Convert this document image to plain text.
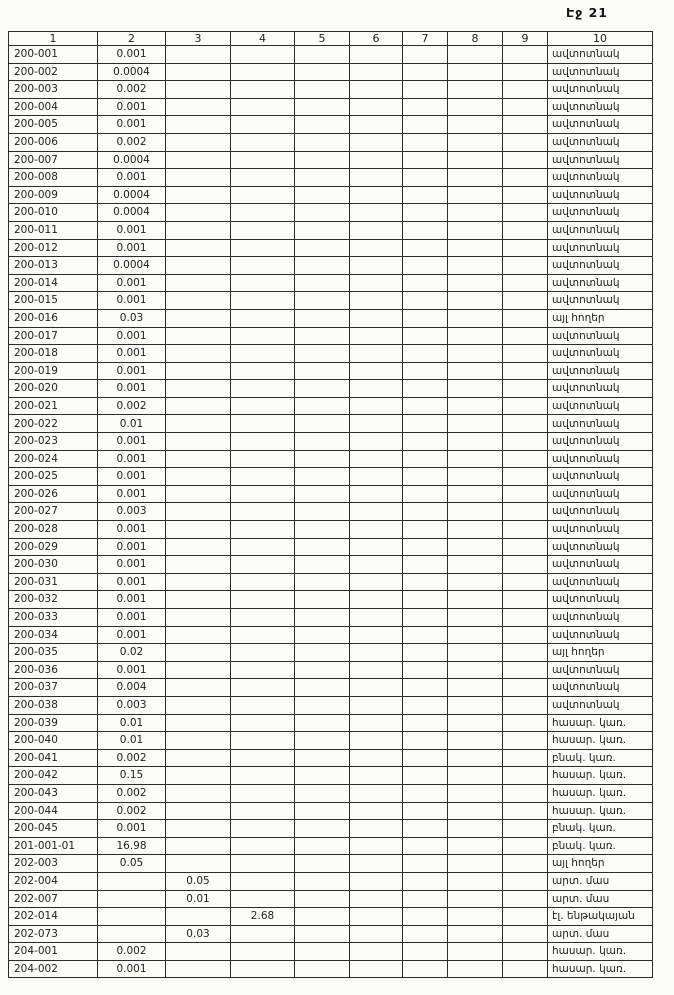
Էջ 21
1	2	3	4	5	6	7	8	9	10
200-001	0.001								ավտոտնակ
200-002	0.0004								ավտոտնակ
200-003	0.002								ավտոտնակ
200-004	0.001								ավտոտնակ
200-005	0.001								ավտոտնակ
200-006	0.002								ավտոտնակ
200-007	0.0004								ավտոտնակ
200-008	0.001								ավտոտնակ
200-009	0.0004								ավտոտնակ
200-010	0.0004								ավտոտնակ
200-011	0.001								ավտոտնակ
200-012	0.001								ավտոտնակ
200-013	0.0004								ավտոտնակ
200-014	0.001								ավտոտնակ
200-015	0.001								ավտոտնակ
200-016	0.03								այլ հողեր
200-017	0.001								ավտոտնակ
200-018	0.001								ավտոտնակ
200-019	0.001								ավտոտնակ
200-020	0.001								ավտոտնակ
200-021	0.002								ավտոտնակ
200-022	0.01								ավտոտնակ
200-023	0.001								ավտոտնակ
200-024	0.001								ավտոտնակ
200-025	0.001								ավտոտնակ
200-026	0.001								ավտոտնակ
200-027	0.003								ավտոտնակ
200-028	0.001								ավտոտնակ
200-029	0.001								ավտոտնակ
200-030	0.001								ավտոտնակ
200-031	0.001								ավտոտնակ
200-032	0.001								ավտոտնակ
200-033	0.001								ավտոտնակ
200-034	0.001								ավտոտնակ
200-035	0.02								այլ հողեր
200-036	0.001								ավտոտնակ
200-037	0.004								ավտոտնակ
200-038	0.003								ավտոտնակ
200-039	0.01								հասար. կառ.
200-040	0.01								հասար. կառ.
200-041	0.002								բնակ. կառ.
200-042	0.15								հասար. կառ.
200-043	0.002								հասար. կառ.
200-044	0.002								հասար. կառ.
200-045	0.001								բնակ. կառ.
201-001-01	16.98								բնակ. կառ.
202-003	0.05								այլ հողեր
202-004		0.05							արտ. մաս
202-007		0.01							արտ. մաս
202-014			2.68						էլ. ենթակայան
202-073		0.03							արտ. մաս
204-001	0.002								հասար. կառ.
204-002	0.001								հասար. կառ.
